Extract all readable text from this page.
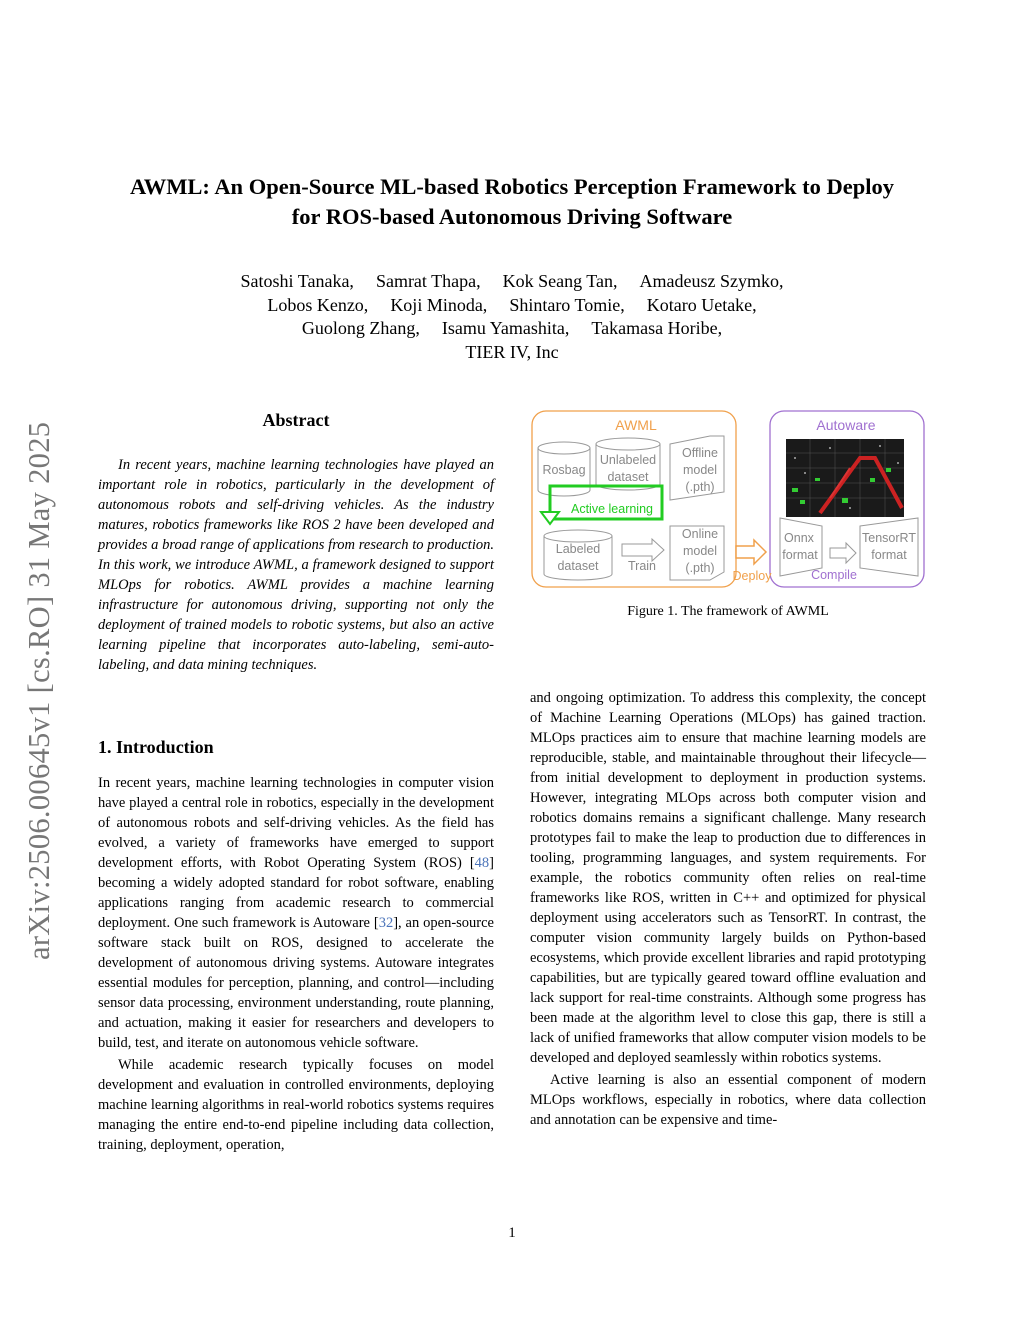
arXiv:2506.00645v1 [cs.RO] 31 May 2025
AWML: An Open-Source ML-based Robotics Perception Framework to Deploy
for ROS-based Autonomous Driving Software
Satoshi Tanaka, Samrat Thapa, Kok Seang Tan, Amadeusz Szymko,
Lobos Kenzo, Koji Minoda, Shintaro Tomie, Kotaro Uetake,
Guolong Zhang, Isamu Yamashita, Takamasa Horibe,
TIER IV, Inc
Abstract
In recent years, machine learning technologies have played an important role in robotics, particularly in the development of autonomous robots and self-driving vehicles. As the industry matures, robotics frameworks like ROS 2 have been developed and provides a broad range of applications from research to production. In this work, we introduce AWML, a framework designed to support MLOps for robotics. AWML provides a machine learning infrastructure for autonomous driving, supporting not only the deployment of trained models to robotic systems, but also an active learning pipeline that incorporates auto-labeling, semi-auto-labeling, and data mining techniques.
AWML	Autoware
Rosbag
Unlabeled
dataset
Offline
model
(.pth)
Active learning
Labeled
dataset Train
Online
model
(.pth)
Deploy
Onnx
format
Compile
TensorRT
format
Figure 1. The framework of AWML
1. Introduction

In recent years, machine learning technologies in computer vision have played a central role in robotics, especially in the development of autonomous robots and self-driving vehicles. As the field has evolved, a variety of frameworks have emerged to support development efforts, with Robot Operating System (ROS) [48] becoming a widely adopted standard for robot software, enabling applications ranging from academic research to commercial deployment. One such framework is Autoware [32], an open-source software stack built on ROS, designed to accelerate the development of autonomous driving systems. Autoware integrates essential modules for perception, planning, and control—including sensor data processing, environment understanding, route planning, and actuation, making it easier for researchers and developers to build, test, and iterate on autonomous vehicle software.

While academic research typically focuses on model development and evaluation in controlled environments, deploying machine learning algorithms in real-world robotics systems requires managing the entire end-to-end pipeline including data collection, training, deployment, operation,

and ongoing optimization. To address this complexity, the concept of Machine Learning Operations (MLOps) has gained traction. MLOps practices aim to ensure that machine learning models are reproducible, stable, and maintainable throughout their lifecycle—from initial development to deployment in production systems. However, integrating MLOps across both computer vision and robotics domains remains a significant challenge. Many research prototypes fail to make the leap to production due to differences in tooling, programming languages, and system requirements. For example, the robotics community often relies on real-time frameworks like ROS, written in C++ and optimized for physical deployment using accelerators such as TensorRT. In contrast, the computer vision community largely builds on Python-based ecosystems, which provide excellent libraries and rapid prototyping capabilities, but are typically geared toward offline evaluation and lack support for real-time constraints. Although some progress has been made at the algorithm level to close this gap, there is still a lack of unified frameworks that allow computer vision models to be developed and deployed seamlessly within robotics systems.

Active learning is also an essential component of modern MLOps workflows, especially in robotics, where data collection and annotation can be expensive and time-

1
